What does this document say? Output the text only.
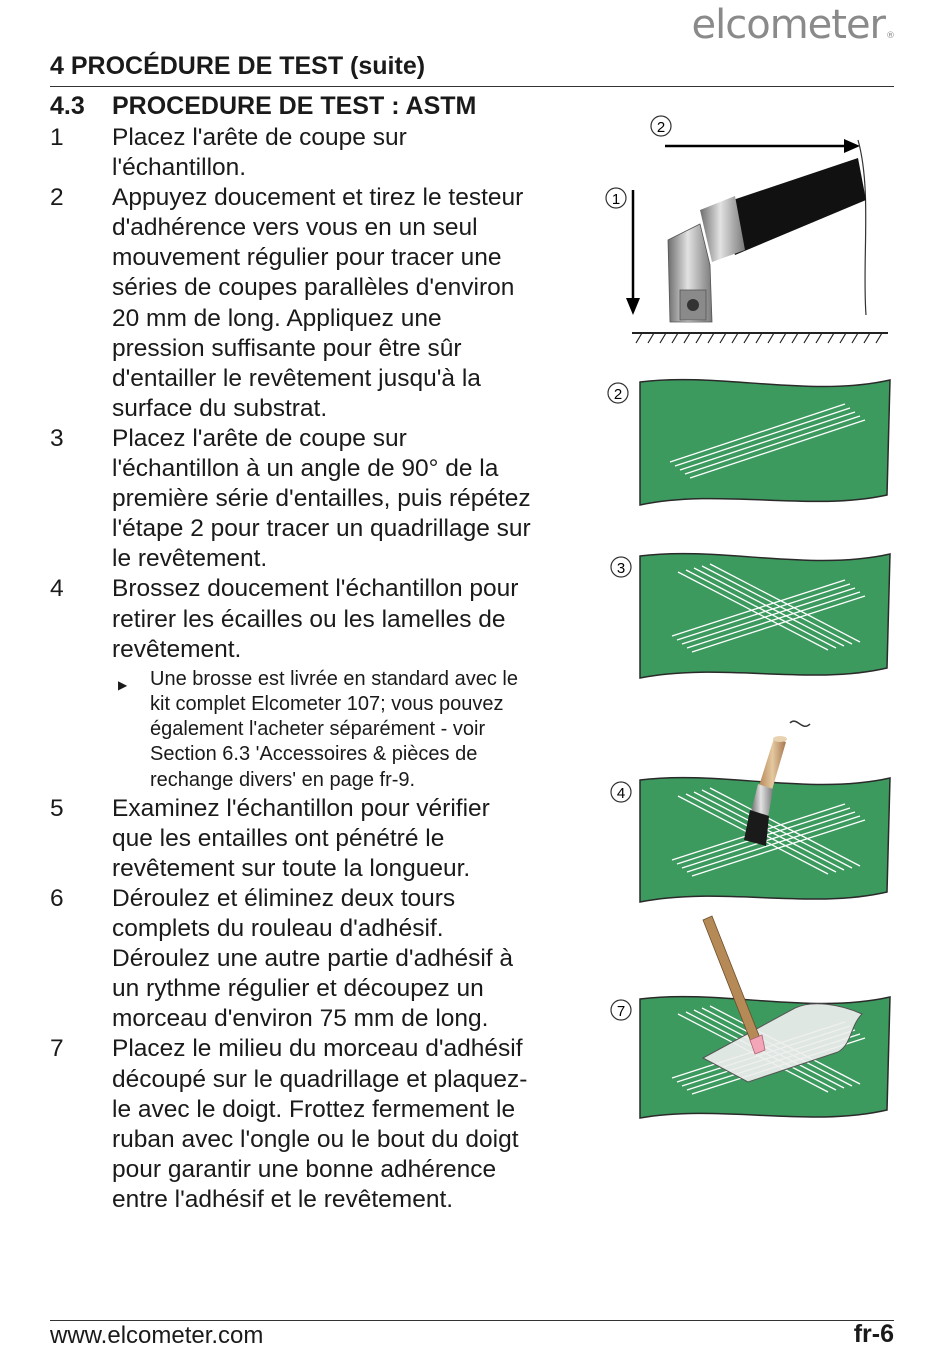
elcometer®
4 PROCÉDURE DE TEST (suite)
4.3 PROCEDURE DE TEST : ASTM
1	Placez l'arête de coupe sur
l'échantillon.
2	Appuyez doucement et tirez le testeur
d'adhérence vers vous en un seul
mouvement régulier pour tracer une
séries de coupes parallèles d'environ
20 mm de long. Appliquez une
pression suffisante pour être sûr
d'entailler le revêtement jusqu'à la
surface du substrat.
3	Placez l'arête de coupe sur
l'échantillon à un angle de 90° de la
première série d'entailles, puis répétez
l'étape 2 pour tracer un quadrillage sur
le revêtement.
4	Brossez doucement l'échantillon pour
retirer les écailles ou les lamelles de
revêtement.
▶	Une brosse est livrée en standard avec le
kit complet Elcometer 107; vous pouvez
également l'acheter séparément - voir
Section 6.3 'Accessoires & pièces de
rechange divers' en page fr-9.
5	Examinez l'échantillon pour vérifier
que les entailles ont pénétré le
revêtement sur toute la longueur.
6	Déroulez et éliminez deux tours
complets du rouleau d'adhésif.
Déroulez une autre partie d'adhésif à
un rythme régulier et découpez un
morceau d'environ 75 mm de long.
7	Placez le milieu du morceau d'adhésif
découpé sur le quadrillage et plaquez-
le avec le doigt. Frottez fermement le
ruban avec l'ongle ou le bout du doigt
pour garantir une bonne adhérence
entre l'adhésif et le revêtement.
2
1
2
3
4
7
www.elcometer.com	fr-6
